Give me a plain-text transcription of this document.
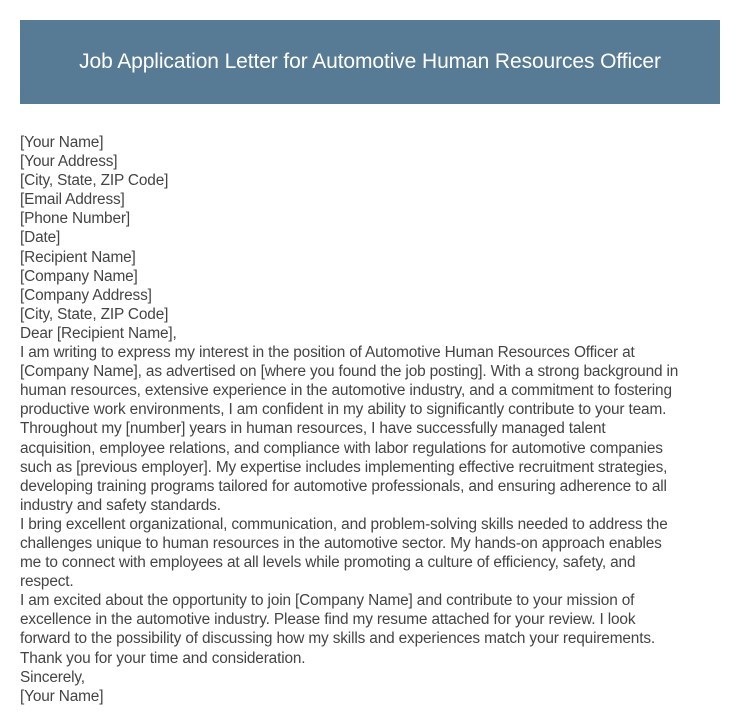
Job Application Letter for Automotive Human Resources Officer
[Your Name]
[Your Address]
[City, State, ZIP Code]
[Email Address]
[Phone Number]
[Date]
[Recipient Name]
[Company Name]
[Company Address]
[City, State, ZIP Code]
Dear [Recipient Name],
I am writing to express my interest in the position of Automotive Human Resources Officer at
[Company Name], as advertised on [where you found the job posting]. With a strong background in
human resources, extensive experience in the automotive industry, and a commitment to fostering
productive work environments, I am confident in my ability to significantly contribute to your team.
Throughout my [number] years in human resources, I have successfully managed talent
acquisition, employee relations, and compliance with labor regulations for automotive companies
such as [previous employer]. My expertise includes implementing effective recruitment strategies,
developing training programs tailored for automotive professionals, and ensuring adherence to all
industry and safety standards.
I bring excellent organizational, communication, and problem-solving skills needed to address the
challenges unique to human resources in the automotive sector. My hands-on approach enables
me to connect with employees at all levels while promoting a culture of efficiency, safety, and
respect.
I am excited about the opportunity to join [Company Name] and contribute to your mission of
excellence in the automotive industry. Please find my resume attached for your review. I look
forward to the possibility of discussing how my skills and experiences match your requirements.
Thank you for your time and consideration.
Sincerely,
[Your Name]
